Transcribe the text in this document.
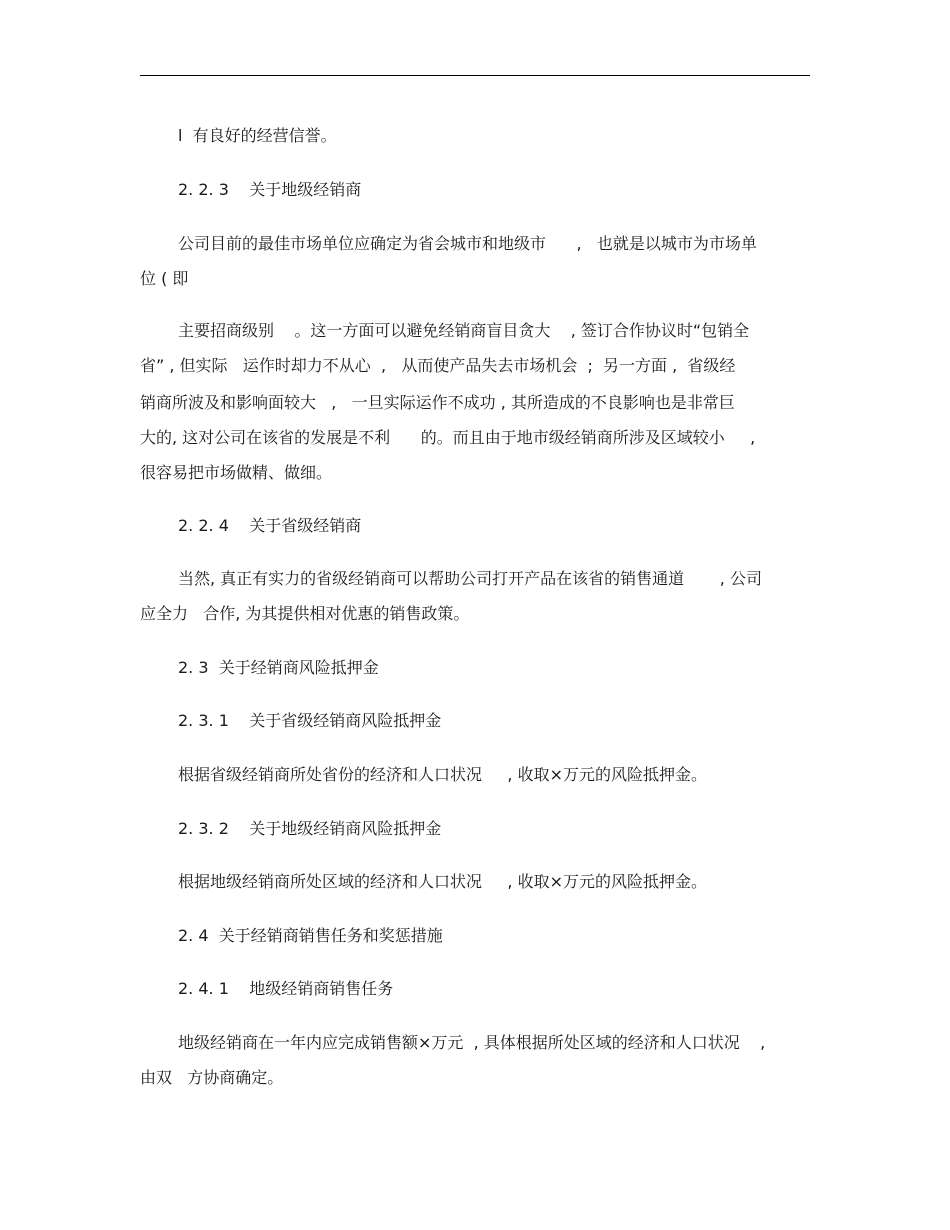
l  有良好的经营信誉。
2. 2. 3    关于地级经销商
公司目前的最佳市场单位应确定为省会城市和地级市      ,   也就是以城市为市场单
位 ( 即
主要招商级别    。这一方面可以避免经销商盲目贪大    , 签订合作协议时“包销全
省” , 但实际   运作时却力不从心  ,   从而使产品失去市场机会  ;  另一方面 ,  省级经
销商所波及和影响面较大   ,   一旦实际运作不成功 , 其所造成的不良影响也是非常巨
大的, 这对公司在该省的发展是不利      的。而且由于地市级经销商所涉及区域较小     ,
很容易把市场做精、做细。
2. 2. 4    关于省级经销商
当然, 真正有实力的省级经销商可以帮助公司打开产品在该省的销售通道       , 公司
应全力   合作, 为其提供相对优惠的销售政策。
2. 3  关于经销商风险抵押金
2. 3. 1    关于省级经销商风险抵押金
根据省级经销商所处省份的经济和人口状况     , 收取×万元的风险抵押金。
2. 3. 2    关于地级经销商风险抵押金
根据地级经销商所处区域的经济和人口状况     , 收取×万元的风险抵押金。
2. 4  关于经销商销售任务和奖惩措施
2. 4. 1    地级经销商销售任务
地级经销商在一年内应完成销售额×万元  , 具体根据所处区域的经济和人口状况    ,
由双   方协商确定。
